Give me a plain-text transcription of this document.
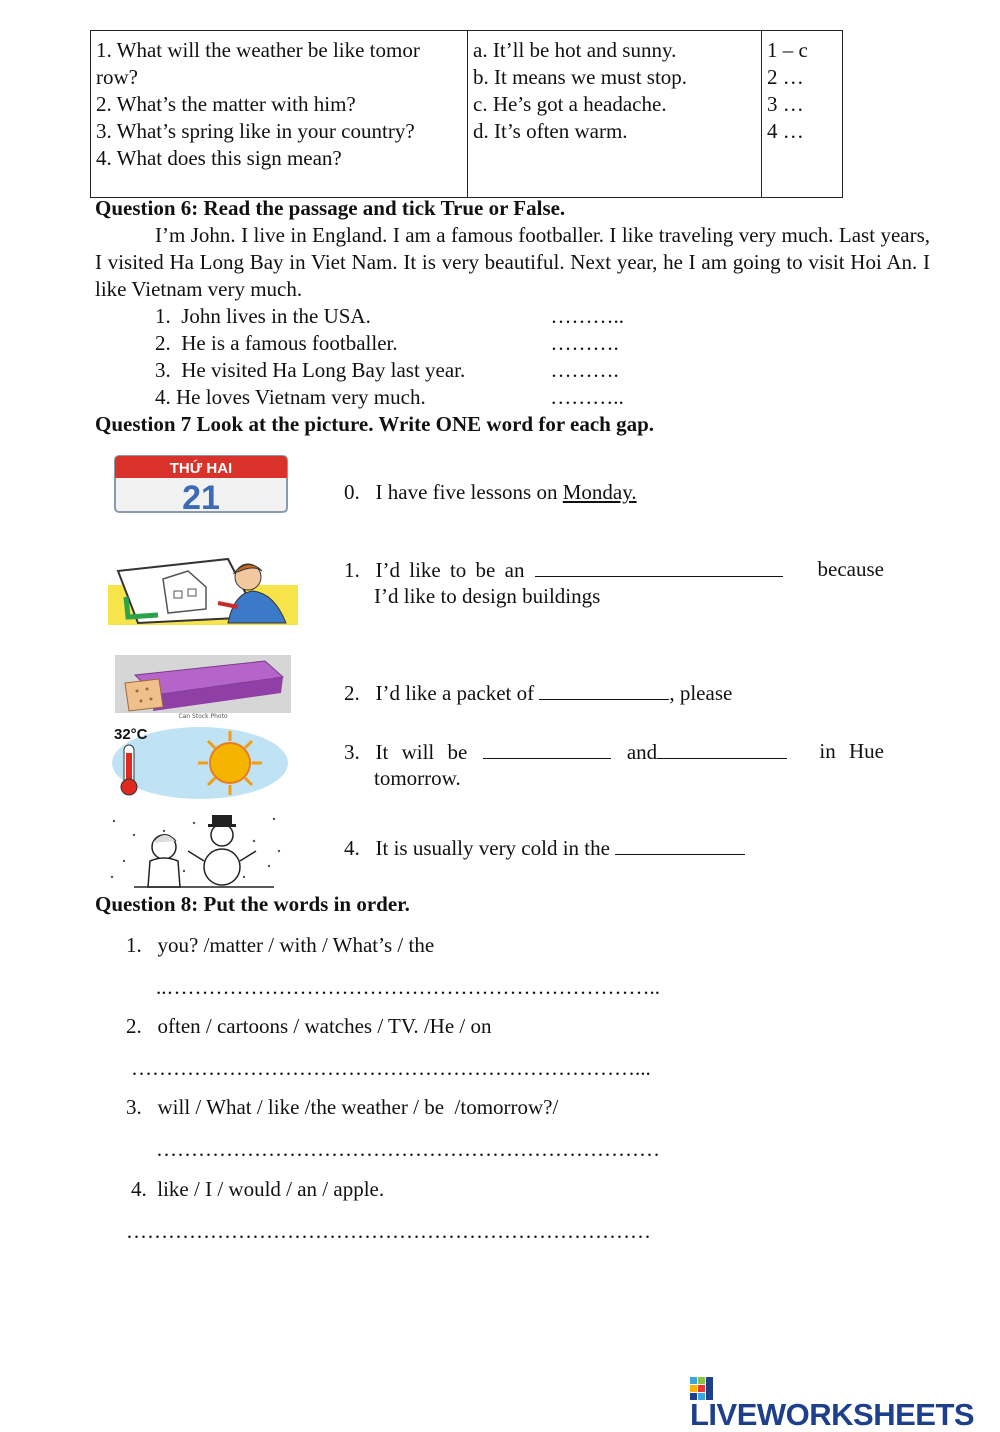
1. What will the weather be like tomor
row?
2. What’s the matter with him?
3. What’s spring like in your country?
4. What does this sign mean?

a. It’ll be hot and sunny.
b. It means we must stop.
c. He’s got a headache.
d. It’s often warm.

1 – c
2 …
3 …
4 …
Question 6: Read the passage and tick True or False.

I’m John. I live in England. I am a famous footballer. I like traveling very much. Last years, I visited Ha Long Bay in Viet Nam. It is very beautiful. Next year, he I am going to visit Hoi An. I like Vietnam very much.

1. John lives in the USA.	………..
2. He is a famous footballer.	……….
3. He visited Ha Long Bay last year.	……….
4. He loves Vietnam very much.	………..
Question 7 Look at the picture. Write ONE word for each gap.
THỨ HAI
21
Can Stock Photo
32°C
0. I have five lessons on Monday.
1. I’d like to be an	because
I’d like to design buildings
2. I’d like a packet of	, please
3. It will be	and	in Hue
tomorrow.
4. It is usually very cold in the
Question 8: Put the words in order.
1. you? /matter / with / What’s / the
..……………………………………………………………..
2. often / cartoons / watches / TV. /He / on
………………………………………………………………...
3. will / What / like /the weather / be  /tomorrow?/
………………………………………………………………
4. like / I / would / an / apple.
…………………………………………………………………
LIVEWORKSHEETS
